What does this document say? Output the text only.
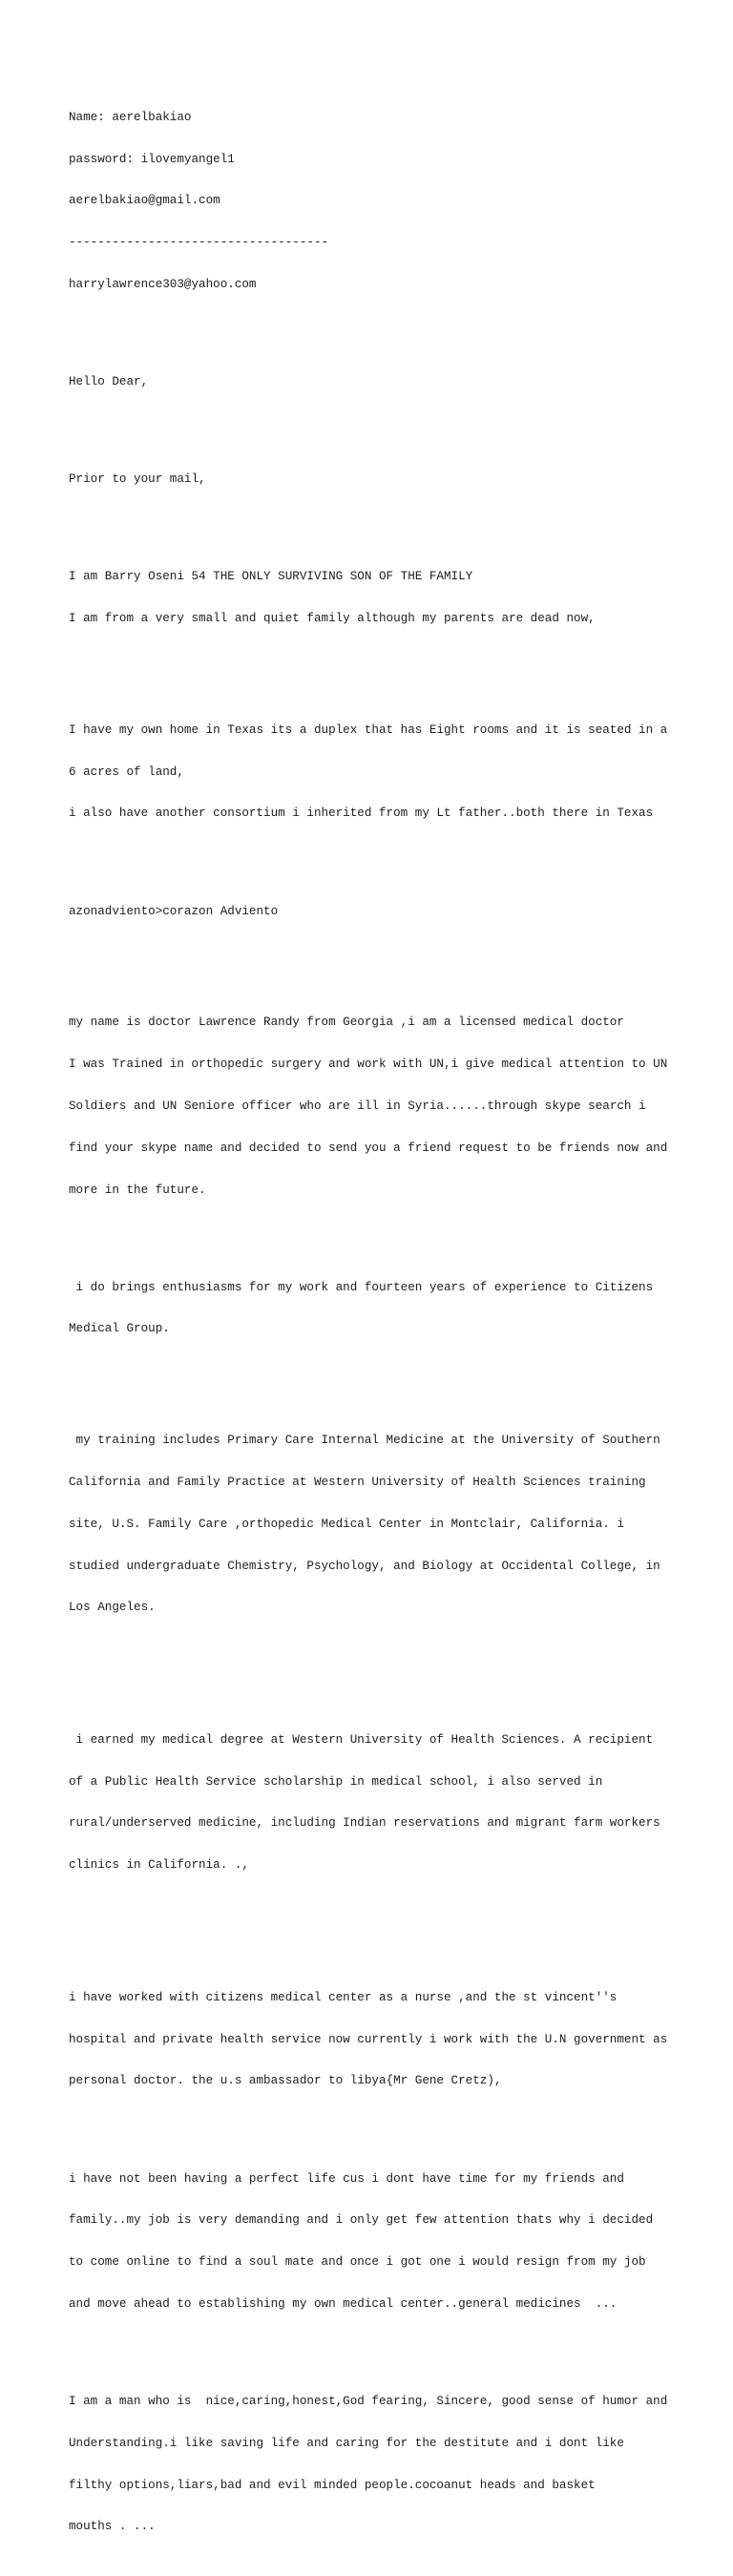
Name: aerelbakiao

password: ilovemyangel1

aerelbakiao@gmail.com

------------------------------------

harrylawrence303@yahoo.com

Hello Dear,

Prior to your mail,

I am Barry Oseni 54 THE ONLY SURVIVING SON OF THE FAMILY

I am from a very small and quiet family although my parents are dead now,

I have my own home in Texas its a duplex that has Eight rooms and it is seated in a

6 acres of land,

i also have another consortium i inherited from my Lt father..both there in Texas

azonadviento>corazon Adviento

my name is doctor Lawrence Randy from Georgia ,i am a licensed medical doctor

I was Trained in orthopedic surgery and work with UN,i give medical attention to UN

Soldiers and UN Seniore officer who are ill in Syria......through skype search i

find your skype name and decided to send you a friend request to be friends now and

more in the future.

i do brings enthusiasms for my work and fourteen years of experience to Citizens

Medical Group.

my training includes Primary Care Internal Medicine at the University of Southern

California and Family Practice at Western University of Health Sciences training

site, U.S. Family Care ,orthopedic Medical Center in Montclair, California. i

studied undergraduate Chemistry, Psychology, and Biology at Occidental College, in

Los Angeles.

i earned my medical degree at Western University of Health Sciences. A recipient

of a Public Health Service scholarship in medical school, i also served in

rural/underserved medicine, including Indian reservations and migrant farm workers

clinics in California. .,

i have worked with citizens medical center as a nurse ,and the st vincent''s

hospital and private health service now currently i work with the U.N government as

personal doctor. the u.s ambassador to libya{Mr Gene Cretz),

i have not been having a perfect life cus i dont have time for my friends and

family..my job is very demanding and i only get few attention thats why i decided

to come online to find a soul mate and once i got one i would resign from my job

and move ahead to establishing my own medical center..general medicines  ...

I am a man who is  nice,caring,honest,God fearing, Sincere, good sense of humor and

Understanding.i like saving life and caring for the destitute and i dont like

filthy options,liars,bad and evil minded people.cocoanut heads and basket

mouths . ...
